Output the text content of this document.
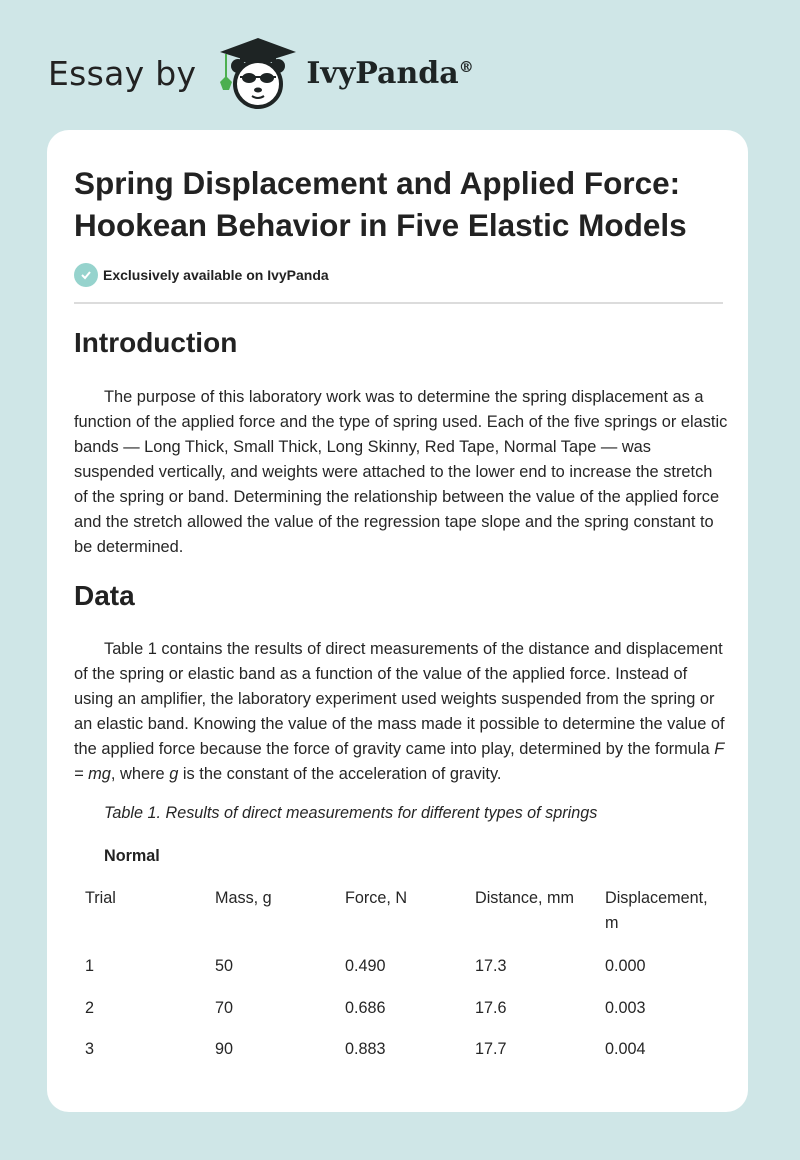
Essay by	IvyPanda®
Spring Displacement and Applied Force: Hookean Behavior in Five Elastic Models
Exclusively available on IvyPanda
Introduction

The purpose of this laboratory work was to determine the spring displacement as a function of the applied force and the type of spring used. Each of the five springs or elastic bands — Long Thick, Small Thick, Long Skinny, Red Tape, Normal Tape — was suspended vertically, and weights were attached to the lower end to increase the stretch of the spring or band. Determining the relationship between the value of the applied force and the stretch allowed the value of the regression tape slope and the spring constant to be determined.

Data

Table 1 contains the results of direct measurements of the distance and displacement of the spring or elastic band as a function of the value of the applied force. Instead of using an amplifier, the laboratory experiment used weights suspended from the spring or an elastic band. Knowing the value of the mass made it possible to determine the value of the applied force because the force of gravity came into play, determined by the formula F = mg, where g is the constant of the acceleration of gravity.

Table 1. Results of direct measurements for different types of springs
Normal
Trial	Mass, g	Force, N	Distance, mm	Displacement, m
1	50	0.490	17.3	0.000
2	70	0.686	17.6	0.003
3	90	0.883	17.7	0.004
